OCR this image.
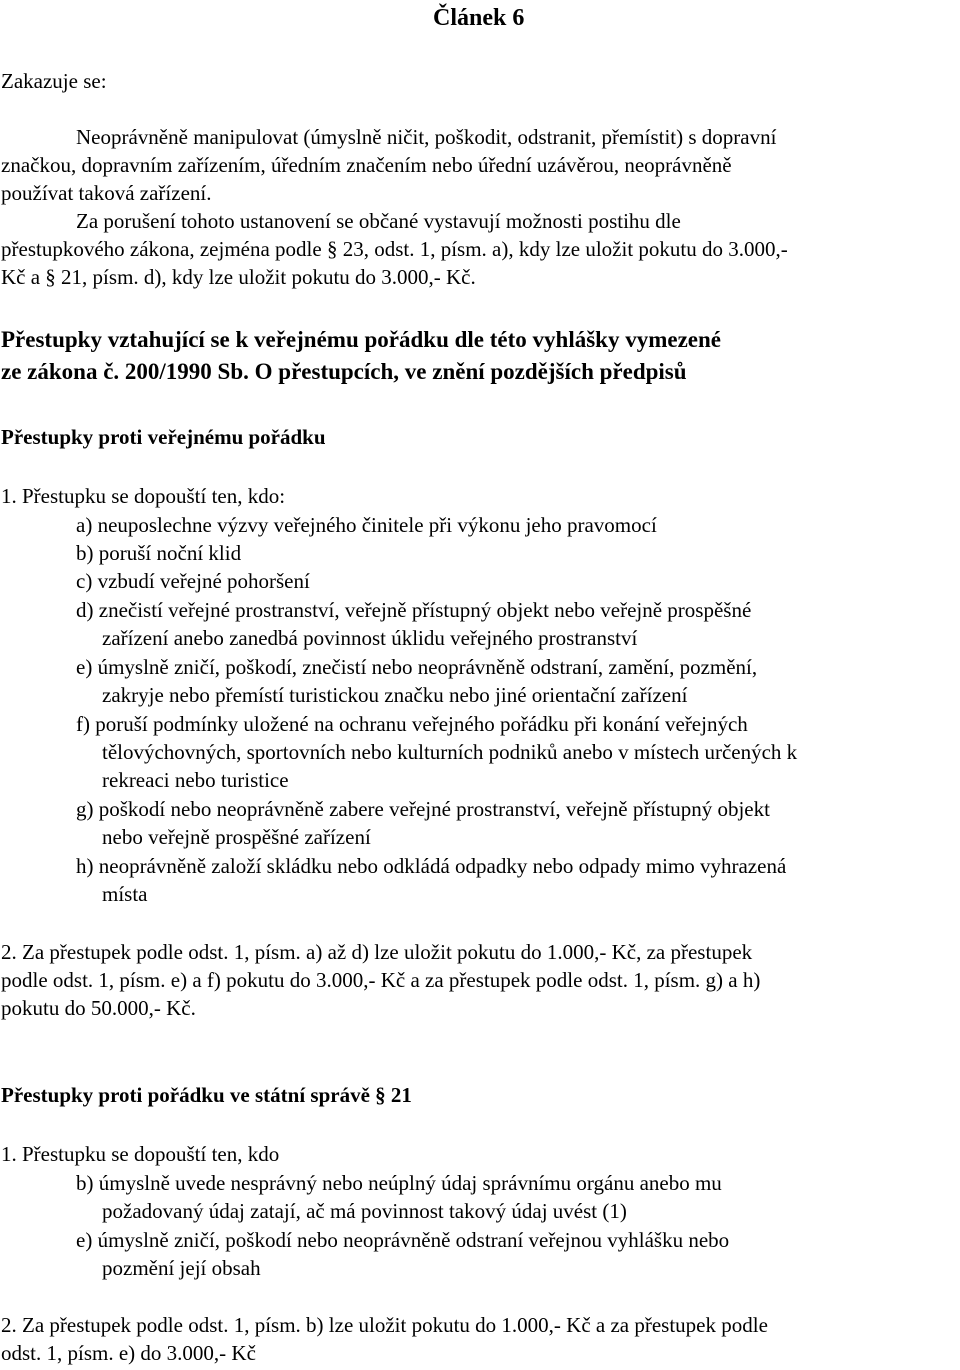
Článek 6
Zakazuje se:
Neoprávněně manipulovat (úmyslně ničit, poškodit, odstranit, přemístit) s dopravní
značkou, dopravním zařízením, úředním značením nebo úřední uzávěrou, neoprávněně
používat taková zařízení.
Za porušení tohoto ustanovení se občané vystavují možnosti postihu dle
přestupkového zákona, zejména podle § 23, odst. 1, písm. a), kdy lze uložit pokutu do 3.000,-
Kč a § 21, písm. d), kdy lze uložit pokutu do 3.000,- Kč.
Přestupky vztahující se k veřejnému pořádku dle této vyhlášky vymezené
ze zákona č. 200/1990 Sb. O přestupcích, ve znění pozdějších předpisů
Přestupky proti veřejnému pořádku
1. Přestupku se dopouští ten, kdo:
a) neuposlechne výzvy veřejného činitele při výkonu jeho pravomocí
b) poruší noční klid
c) vzbudí veřejné pohoršení
d) znečistí veřejné prostranství, veřejně přístupný objekt nebo veřejně prospěšné
zařízení anebo zanedbá povinnost úklidu veřejného prostranství
e) úmyslně zničí, poškodí, znečistí nebo neoprávněně odstraní, zamění, pozmění,
zakryje nebo přemístí turistickou značku nebo jiné orientační zařízení
f) poruší podmínky uložené na ochranu veřejného pořádku při konání veřejných
tělovýchovných, sportovních nebo kulturních podniků anebo v místech určených k
rekreaci nebo turistice
g) poškodí nebo neoprávněně zabere veřejné prostranství, veřejně přístupný objekt
nebo veřejně prospěšné zařízení
h) neoprávněně založí skládku nebo odkládá odpadky nebo odpady mimo vyhrazená
místa
2. Za přestupek podle odst. 1, písm. a) až d) lze uložit pokutu do 1.000,- Kč, za přestupek
podle odst. 1, písm. e) a f) pokutu do 3.000,- Kč a za přestupek podle odst. 1, písm. g) a h)
pokutu do 50.000,- Kč.
Přestupky proti pořádku ve státní správě § 21
1. Přestupku se dopouští ten, kdo
b) úmyslně uvede nesprávný nebo neúplný údaj správnímu orgánu anebo mu
požadovaný údaj zatají, ač má povinnost takový údaj uvést (1)
e) úmyslně zničí, poškodí nebo neoprávněně odstraní veřejnou vyhlášku nebo
pozmění její obsah
2. Za přestupek podle odst. 1, písm. b) lze uložit pokutu do 1.000,- Kč a za přestupek podle
odst. 1, písm. e) do 3.000,- Kč
